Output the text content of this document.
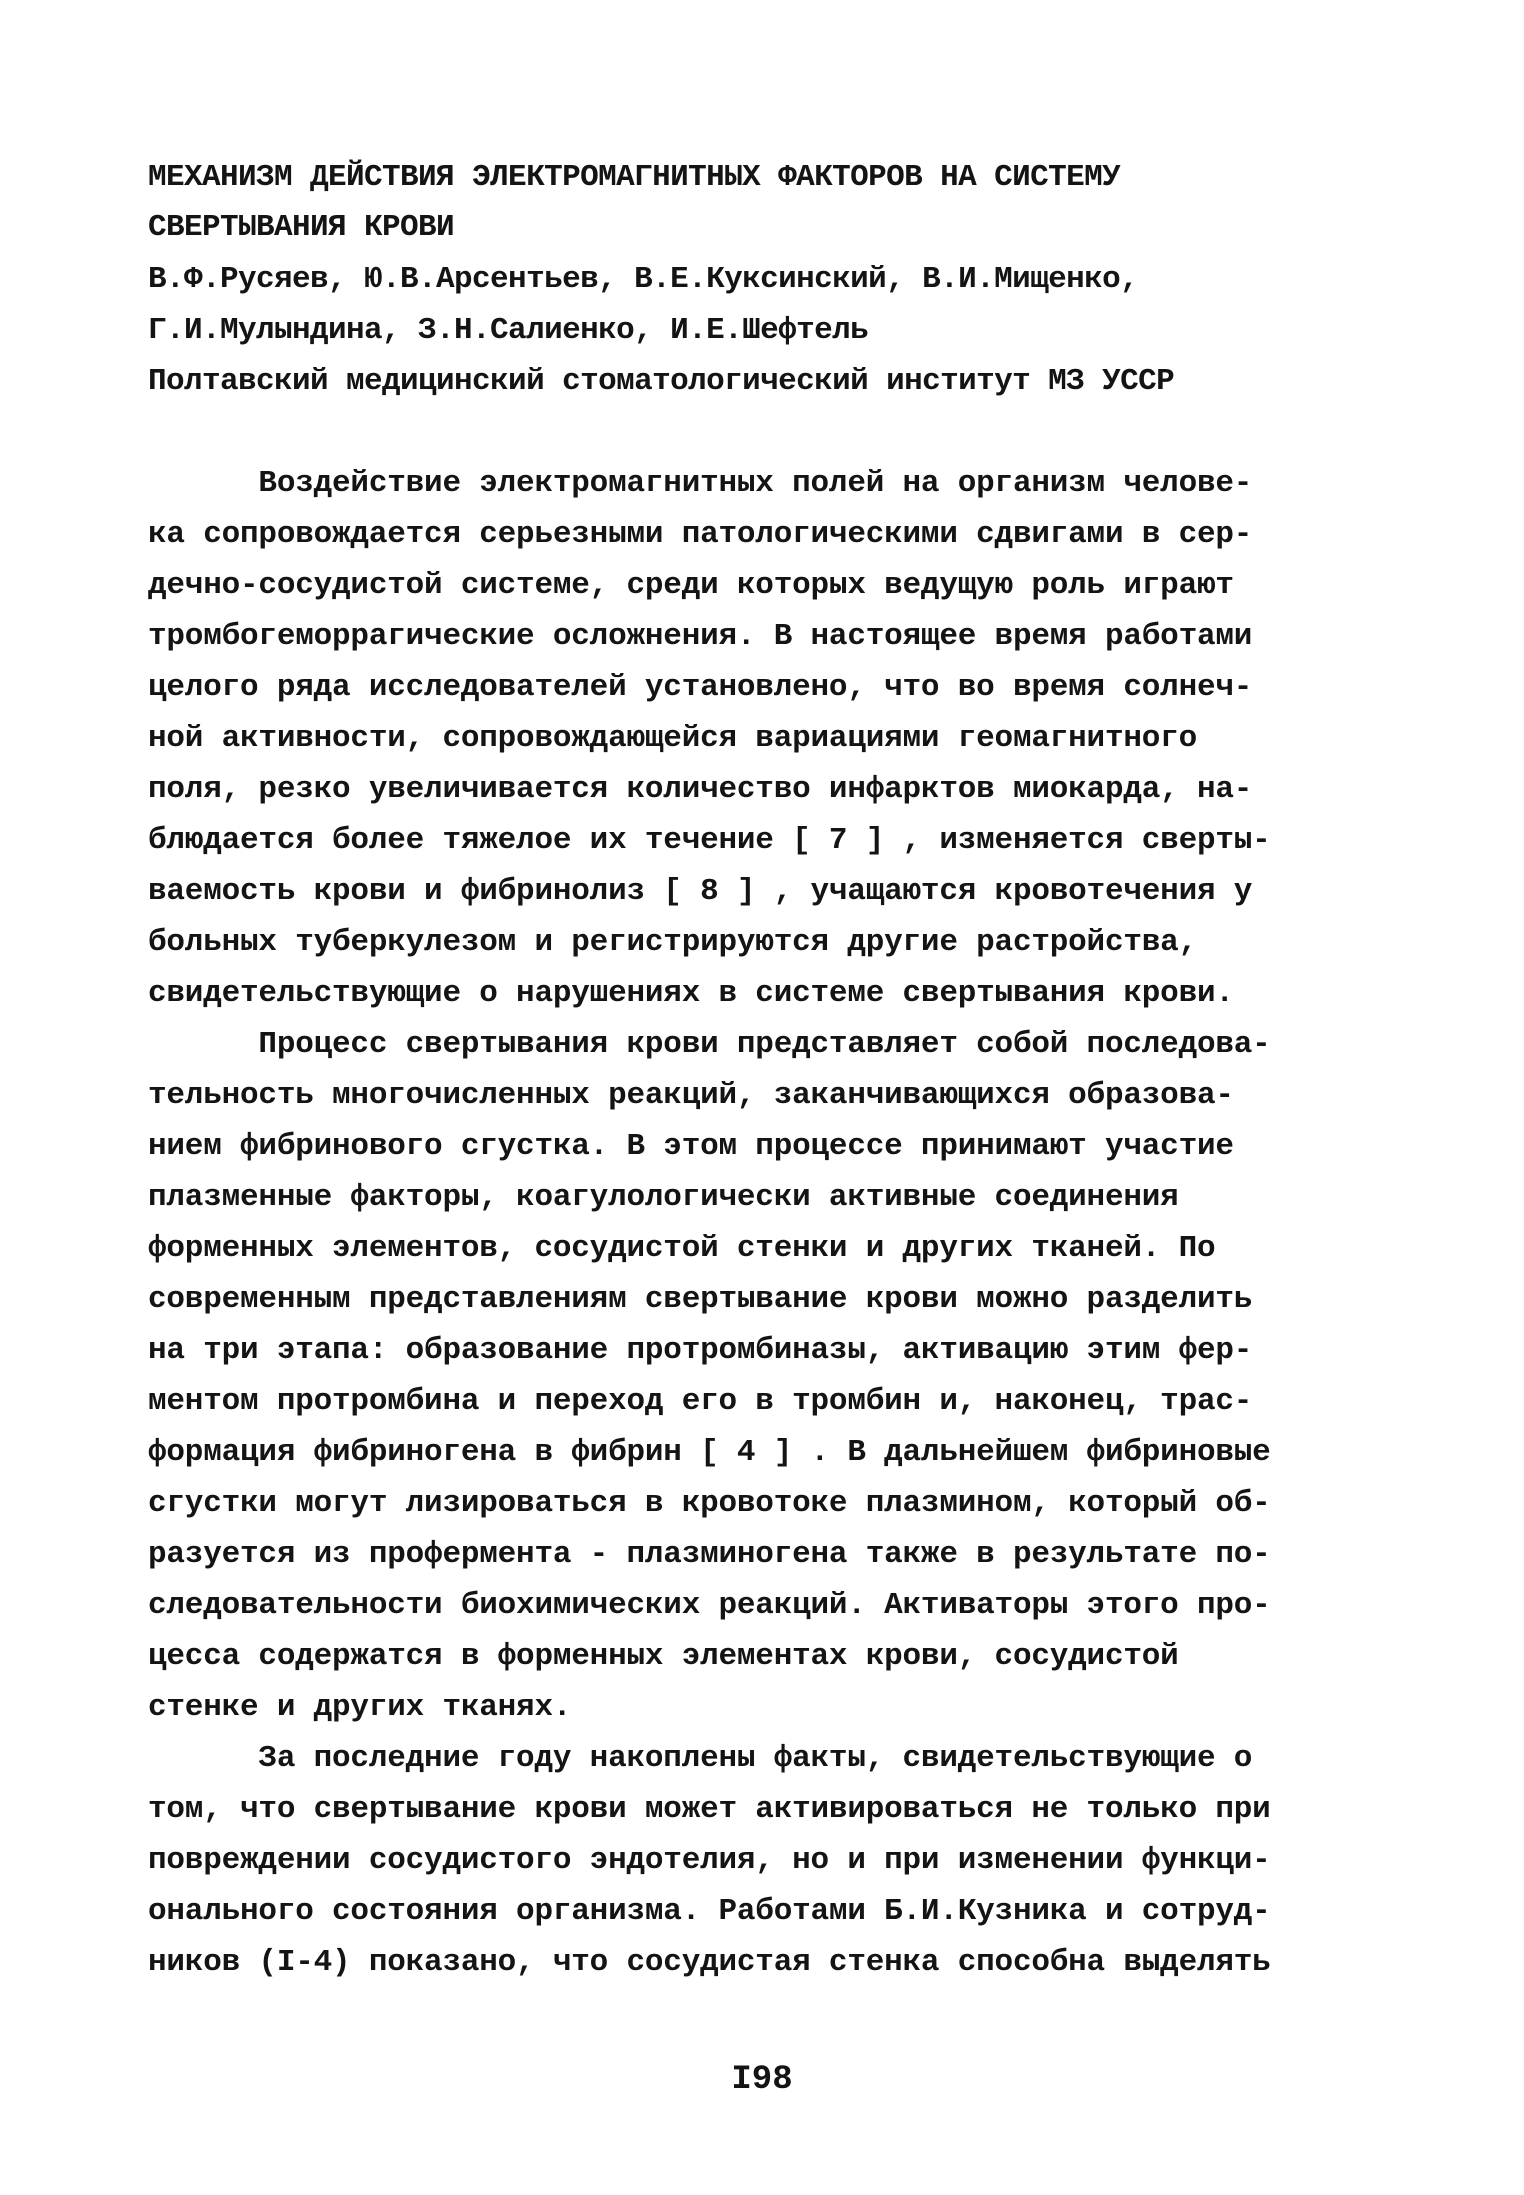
МЕХАНИЗМ ДЕЙСТВИЯ ЭЛЕКТРОМАГНИТНЫХ ФАКТОРОВ НА СИСТЕМУ
СВЕРТЫВАНИЯ КРОВИ
В.Ф.Русяев, Ю.В.Арсентьев, В.Е.Куксинский, В.И.Мищенко,
Г.И.Мулындина, З.Н.Салиенко, И.Е.Шефтель
Полтавский медицинский стоматологический институт МЗ УССР
Воздействие электромагнитных полей на организм челове-
ка сопровождается серьезными патологическими сдвигами в сер-
дечно-сосудистой системе, среди которых ведущую роль играют
тромбогеморрагические осложнения. В настоящее время работами
целого ряда исследователей установлено, что во время солнеч-
ной активности, сопровождающейся вариациями геомагнитного
поля, резко увеличивается количество инфарктов миокарда, на-
блюдается более тяжелое их течение [ 7 ] , изменяется сверты-
ваемость крови и фибринолиз [ 8 ] , учащаются кровотечения у
больных туберкулезом и регистрируются другие растройства,
свидетельствующие о нарушениях в системе свертывания крови.
Процесс свертывания крови представляет собой последова-
тельность многочисленных реакций, заканчивающихся образова-
нием фибринового сгустка. В этом процессе принимают участие
плазменные факторы, коагулологически активные соединения
форменных элементов, сосудистой стенки и других тканей. По
современным представлениям свертывание крови можно разделить
на три этапа: образование протромбиназы, активацию этим фер-
ментом протромбина и переход его в тромбин и, наконец, трас-
формация фибриногена в фибрин [ 4 ] . В дальнейшем фибриновые
сгустки могут лизироваться в кровотоке плазмином, который об-
разуется из профермента - плазминогена также в результате по-
следовательности биохимических реакций. Активаторы этого про-
цесса содержатся в форменных элементах крови, сосудистой
стенке и других тканях.
За последние году накоплены факты, свидетельствующие о
том, что свертывание крови может активироваться не только при
повреждении сосудистого эндотелия, но и при изменении функци-
онального состояния организма. Работами Б.И.Кузника и сотруд-
ников (I-4) показано, что сосудистая стенка способна выделять
I98
